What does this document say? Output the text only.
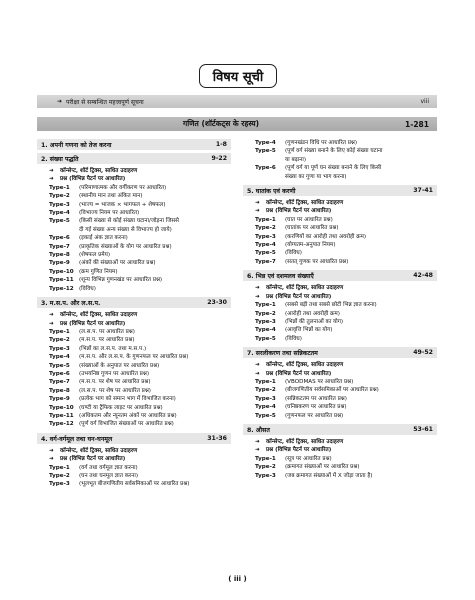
विषय सूची
➔ परीक्षा से सम्बन्धित महत्त्वपूर्ण सूचना	viii
गणित (शॉर्टकट्स के रहस्य)	1-281
1. अपनी गणना को तेज करना	1-8
2. संख्या पद्धति	9-22
➜	कॉन्सेप्ट, शॉर्ट ट्रिक्स, साधित उदाहरण
➜	प्रश्न (विभिन्न पैटर्न पर आधारित)
Type-1	(परिमाणात्मक और वर्गीकरण पर आधारित)
Type-2	(स्थानीय मान तथा अंकित मान)
Type-3	(भाज्य = भाजक × भागफल + शेषफल)
Type-4	(विभाज्य नियम पर आधारित)
Type-5	(किसी संख्या से कोई संख्या घटाना/जोड़ना जिससे
दी गई संख्या अन्य संख्या से विभाज्य हो जाये)
Type-6	(इकाई अंक ज्ञात करना)
Type-7	(प्राकृतिक संख्याओं के योग पर आधारित प्रश्न)
Type-8	(शेषफल प्रमेय)
Type-9	(अंकों की संख्याओं पर आधारित प्रश्न)
Type-10 (क्रम गुणित नियम)
Type-11 (शून्य विभिन्न गुणनखंड पर आधारित प्रश्न)
Type-12 (विविध)
3. म.स.प. और ल.स.प.	23-30
➜	कॉन्सेप्ट, शॉर्ट ट्रिक्स, साधित उदाहरण
➜	प्रश्न (विभिन्न पैटर्न पर आधारित)
Type-1	(ल.स.प. पर आधारित प्रश्न)
Type-2	(म.स.प. पर आधारित प्रश्न)
Type-3	(भिन्नों का ल.स.प. तथा म.स.प.)
Type-4	(म.स.प. और ल.स.प. के गुणनफल पर आधारित प्रश्न)
Type-5	(संख्याओं के अनुपात पर आधारित प्रश्न)
Type-6	(उभयनिष्ठ गुणन पर आधारित प्रश्न)
Type-7	(म.स.प. पर शेष पर आधारित प्रश्न)
Type-8	(ल.स.प. पर शेष पर आधारित प्रश्न)
Type-9	(प्रत्येक भाग को समान भाग में विभाजित करना)
Type-10 (घण्टी या ट्रैफिक लाइट पर आधारित प्रश्न)
Type-11 (अधिकतम और न्यूनतम अंकों पर आधारित प्रश्न)
Type-12 (पूर्ण वर्ग विभाजित संख्याओं पर आधारित प्रश्न)
4. वर्ग-वर्गमूल तथा घन-घनमूल	31-36
➜	कॉन्सेप्ट, शॉर्ट ट्रिक्स, साधित उदाहरण
➜	प्रश्न (विभिन्न पैटर्न पर आधारित)
Type-1	(वर्ग तथा वर्गमूल ज्ञात करना)
Type-2	(घन तथा घनमूल ज्ञात करना)
Type-3	(भूलभूत बीजगणितीय सर्वसमिकाओं पर आधारित प्रश्न)
Type-4	(गुणनखंडन विधि पर आधारित प्रश्न)
Type-5	(पूर्ण वर्ग संख्या बनाने के लिए कोई संख्या घटाना
या बढ़ाना)
Type-6	(पूर्ण वर्ग या पूर्ण घन संख्या बनाने के लिए किसी
संख्या का गुणा या भाग करना)
5. घातांक एवं करणी	37-41
➜	कॉन्सेप्ट, शॉर्ट ट्रिक्स, साधित उदाहरण
➜	प्रश्न (विभिन्न पैटर्न पर आधारित)
Type-1	(घात पर आधारित प्रश्न)
Type-2	(घातांक पर आधारित प्रश्न)
Type-3	(करणियों का आरोही तथा अवरोही क्रम)
Type-4	(योग्यतम-अनुपात नियम)
Type-5	(विविध)
Type-7	(सतत् गुणक पर आधारित प्रश्न)
6. भिन्न एवं दशमलव संख्याएँ	42-48
➜	कॉन्सेप्ट, शॉर्ट ट्रिक्स, साधित उदाहरण
➜	प्रश्न (विभिन्न पैटर्न पर आधारित)
Type-1	(सबसे बड़ी तथा सबसे छोटी भिन्न ज्ञात करना)
Type-2	(आरोही तथा अवरोही क्रम)
Type-3	(भिन्नों की तुलनाओं का योग)
Type-4	(आवृत्ति भिन्नों का योग)
Type-5	(विविध)
7. सरलीकरण तथा सन्निकटतम	49-52
➜	कॉन्सेप्ट, शॉर्ट ट्रिक्स, साधित उदाहरण
➜	प्रश्न (विभिन्न पैटर्न पर आधारित)
Type-1	(VBODMAS पर आधारित प्रश्न)
Type-2	(बीजगणितीय सर्वसमिकाओं पर आधारित प्रश्न)
Type-3	(सन्निकटतम पर आधारित प्रश्न)
Type-4	(घनिष्ठकरण पर आधारित प्रश्न)
Type-5	(गुणनफल पर आधारित प्रश्न)
8. औसत	53-61
➜	कॉन्सेप्ट, शॉर्ट ट्रिक्स, साधित उदाहरण
➜	प्रश्न (विभिन्न पैटर्न पर आधारित)
Type-1	(सूत्र पर आधारित प्रश्न)
Type-2	(क्रमागत संख्याओं पर आधारित प्रश्न)
Type-3	(जब क्रमागत संख्याओं में X जोड़ा जाता है)
( iii )
